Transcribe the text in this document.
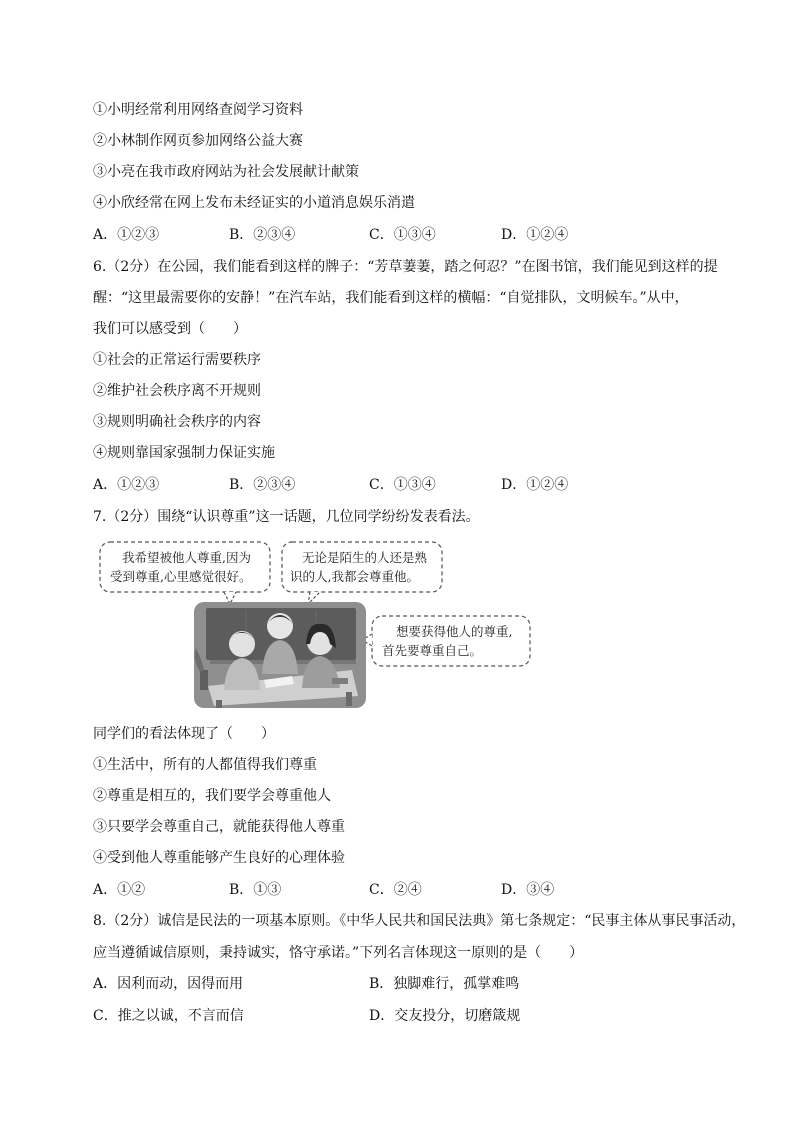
①小明经常利用网络查阅学习资料
②小林制作网页参加网络公益大赛
③小亮在我市政府网站为社会发展献计献策
④小欣经常在网上发布未经证实的小道消息娱乐消遣
A．①②③	B．②③④	C．①③④	D．①②④
6.（2分）在公园，我们能看到这样的牌子：“芳草萋萋，踏之何忍？”在图书馆，我们能见到这样的提
醒：“这里最需要你的安静！”在汽车站，我们能看到这样的横幅：“自觉排队，文明候车。”从中，
我们可以感受到（　　）
①社会的正常运行需要秩序
②维护社会秩序离不开规则
③规则明确社会秩序的内容
④规则靠国家强制力保证实施
A．①②③	B．②③④	C．①③④	D．①②④
7.（2分）围绕“认识尊重”这一话题，几位同学纷纷发表看法。
我希望被他人尊重,因为
受到尊重,心里感觉很好。
无论是陌生的人还是熟
识的人,我都会尊重他。
想要获得他人的尊重,
首先要尊重自己。
同学们的看法体现了（　　）
①生活中，所有的人都值得我们尊重
②尊重是相互的，我们要学会尊重他人
③只要学会尊重自己，就能获得他人尊重
④受到他人尊重能够产生良好的心理体验
A．①②	B．①③	C．②④	D．③④
8.（2分）诚信是民法的一项基本原则。《中华人民共和国民法典》第七条规定：“民事主体从事民事活动，
应当遵循诚信原则，秉持诚实，恪守承诺。”下列名言体现这一原则的是（　　）
A．因利而动，因得而用	B．独脚难行，孤掌难鸣
C．推之以诚，不言而信	D．交友投分，切磨箴规
